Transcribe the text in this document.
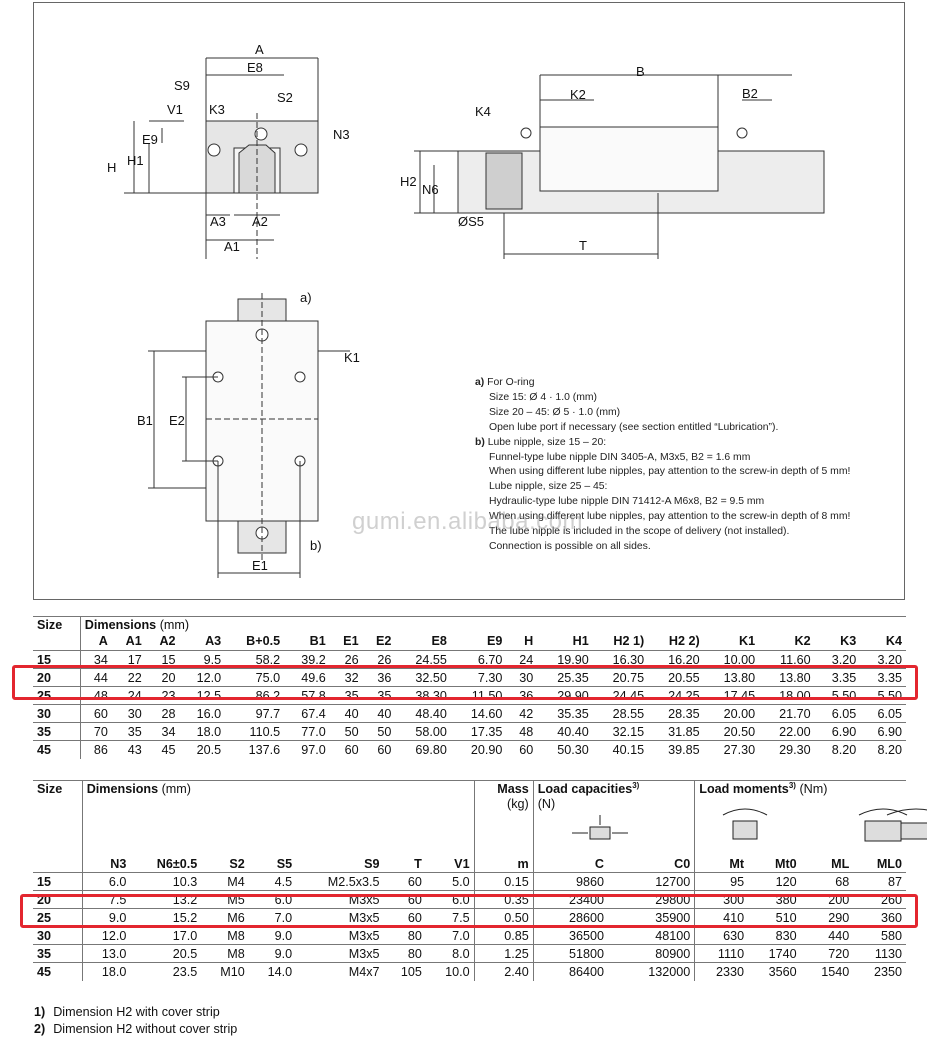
A
E8
S9
V1 K3
S2
N3
E9
H1
H
A3 A2
A1
B
K2	B2
K4
H2
N6
ØS5
T
a)
K1
B1 E2
b)
E1
a) For O-ring
Size 15: Ø 4 · 1.0 (mm)
Size 20 – 45: Ø 5 · 1.0 (mm)
Open lube port if necessary (see section entitled “Lubrication”).
b) Lube nipple, size 15 – 20:
Funnel-type lube nipple DIN 3405-A, M3x5, B2 = 1.6 mm
When using different lube nipples, pay attention to the screw-in depth of 5 mm!
Lube nipple, size 25 – 45:
Hydraulic-type lube nipple DIN 71412-A M6x8, B2 = 9.5 mm
When using different lube nipples, pay attention to the screw-in depth of 8 mm!
The lube nipple is included in the scope of delivery (not installed).
Connection is possible on all sides.
gumi.en.alibaba.com
Size	Dimensions (mm)																	
	A	A1	A2	A3	B+0.5	B1	E1	E2	E8	E9	H	H1	H2 1)	H2 2)	K1	K2	K3	K4
15	34	17	15	9.5	58.2	39.2	26	26	24.55	6.70	24	19.90	16.30	16.20	10.00	11.60	3.20	3.20
20	44	22	20	12.0	75.0	49.6	32	36	32.50	7.30	30	25.35	20.75	20.55	13.80	13.80	3.35	3.35
25	48	24	23	12.5	86.2	57.8	35	35	38.30	11.50	36	29.90	24.45	24.25	17.45	18.00	5.50	5.50
30	60	30	28	16.0	97.7	67.4	40	40	48.40	14.60	42	35.35	28.55	28.35	20.00	21.70	6.05	6.05
35	70	35	34	18.0	110.5	77.0	50	50	58.00	17.35	48	40.40	32.15	31.85	20.50	22.00	6.90	6.90
45	86	43	45	20.5	137.6	97.0	60	60	69.80	20.90	60	50.30	40.15	39.85	27.30	29.30	8.20	8.20
Size	Dimensions (mm)							Mass	Load capacities$^{3)}$		Load moments$^{3)}$ (Nm)			
								(kg)	(N)

	N3	N6±0.5	S2	S5	S9	T	V1	m	C	C0	Mt	Mt0	ML	ML0
15	6.0	10.3	M4	4.5	M2.5x3.5	60	5.0	0.15	9860	12700	95	120	68	87
20	7.5	13.2	M5	6.0	M3x5	60	6.0	0.35	23400	29800	300	380	200	260
25	9.0	15.2	M6	7.0	M3x5	60	7.5	0.50	28600	35900	410	510	290	360
30	12.0	17.0	M8	9.0	M3x5	80	7.0	0.85	36500	48100	630	830	440	580
35	13.0	20.5	M8	9.0	M3x5	80	8.0	1.25	51800	80900	1110	1740	720	1130
45	18.0	23.5	M10	14.0	M4x7	105	10.0	2.40	86400	132000	2330	3560	1540	2350
1) Dimension H2 with cover strip
2) Dimension H2 without cover strip
